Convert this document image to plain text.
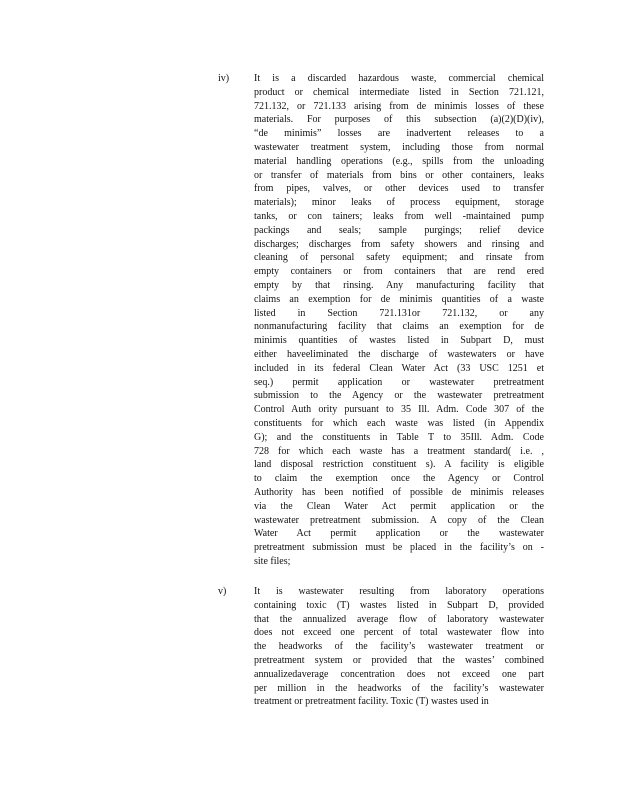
iv) It is a discarded hazardous waste, commercial chemical
product or chemical intermediate listed in Section 721.121,
721.132, or 721.133 arising from de minimis losses of these
materials. For purposes of this subsection (a)(2)(D)(iv),
“de minimis” losses are inadvertent releases to a
wastewater treatment system, including those from normal
material handling operations (e.g., spills from the unloading
or transfer of materials from bins or other containers, leaks
from pipes, valves, or other devices used to transfer
materials); minor leaks of process equipment, storage
tanks, or con tainers; leaks from well -maintained pump
packings and seals; sample purgings; relief device
discharges; discharges from safety showers and rinsing and
cleaning of personal safety equipment; and rinsate from
empty containers or from containers that are rend ered
empty by that rinsing. Any manufacturing facility that
claims an exemption for de minimis quantities of a waste
listed in Section 721.131or 721.132, or any
nonmanufacturing facility that claims an exemption for de
minimis quantities of wastes listed in Subpart D, must
either have​eliminated the discharge of wastewaters or have
included in its federal Clean Water Act (33 USC 1251 et
seq.) permit application or wastewater pretreatment
submission to the Agency or the wastewater pretreatment
Control Auth ority pursuant to 35 Ill. Adm. Code 307 of the
constituents for which each waste was listed (in Appendix
G); and the constituents in Table T to 35Ill. Adm. Code
728 for which each waste has a treatment standard( i.e. ,
land disposal restriction constituent s). A facility is eligible
to claim the exemption once the Agency or Control
Authority has been notified of possible de minimis releases
via the Clean Water Act permit application or the
wastewater pretreatment submission. A copy of the Clean
Water Act permit application or the wastewater
pretreatment submission must be placed in the facility’s on -
site files;
v)	It is wastewater resulting from laboratory operations
containing toxic (T) wastes listed in Subpart D, provided
that the annualized average flow of laboratory wastewater
does not exceed one percent of total wastewater flow into
the headworks of the facility’s wastewater treatment or
pretreatment system or provided that the wastes’ combined
annualized​average concentration does not exceed one part
per million in the headworks of the facility’s wastewater
treatment or pretreatment facility. Toxic (T) wastes used in
